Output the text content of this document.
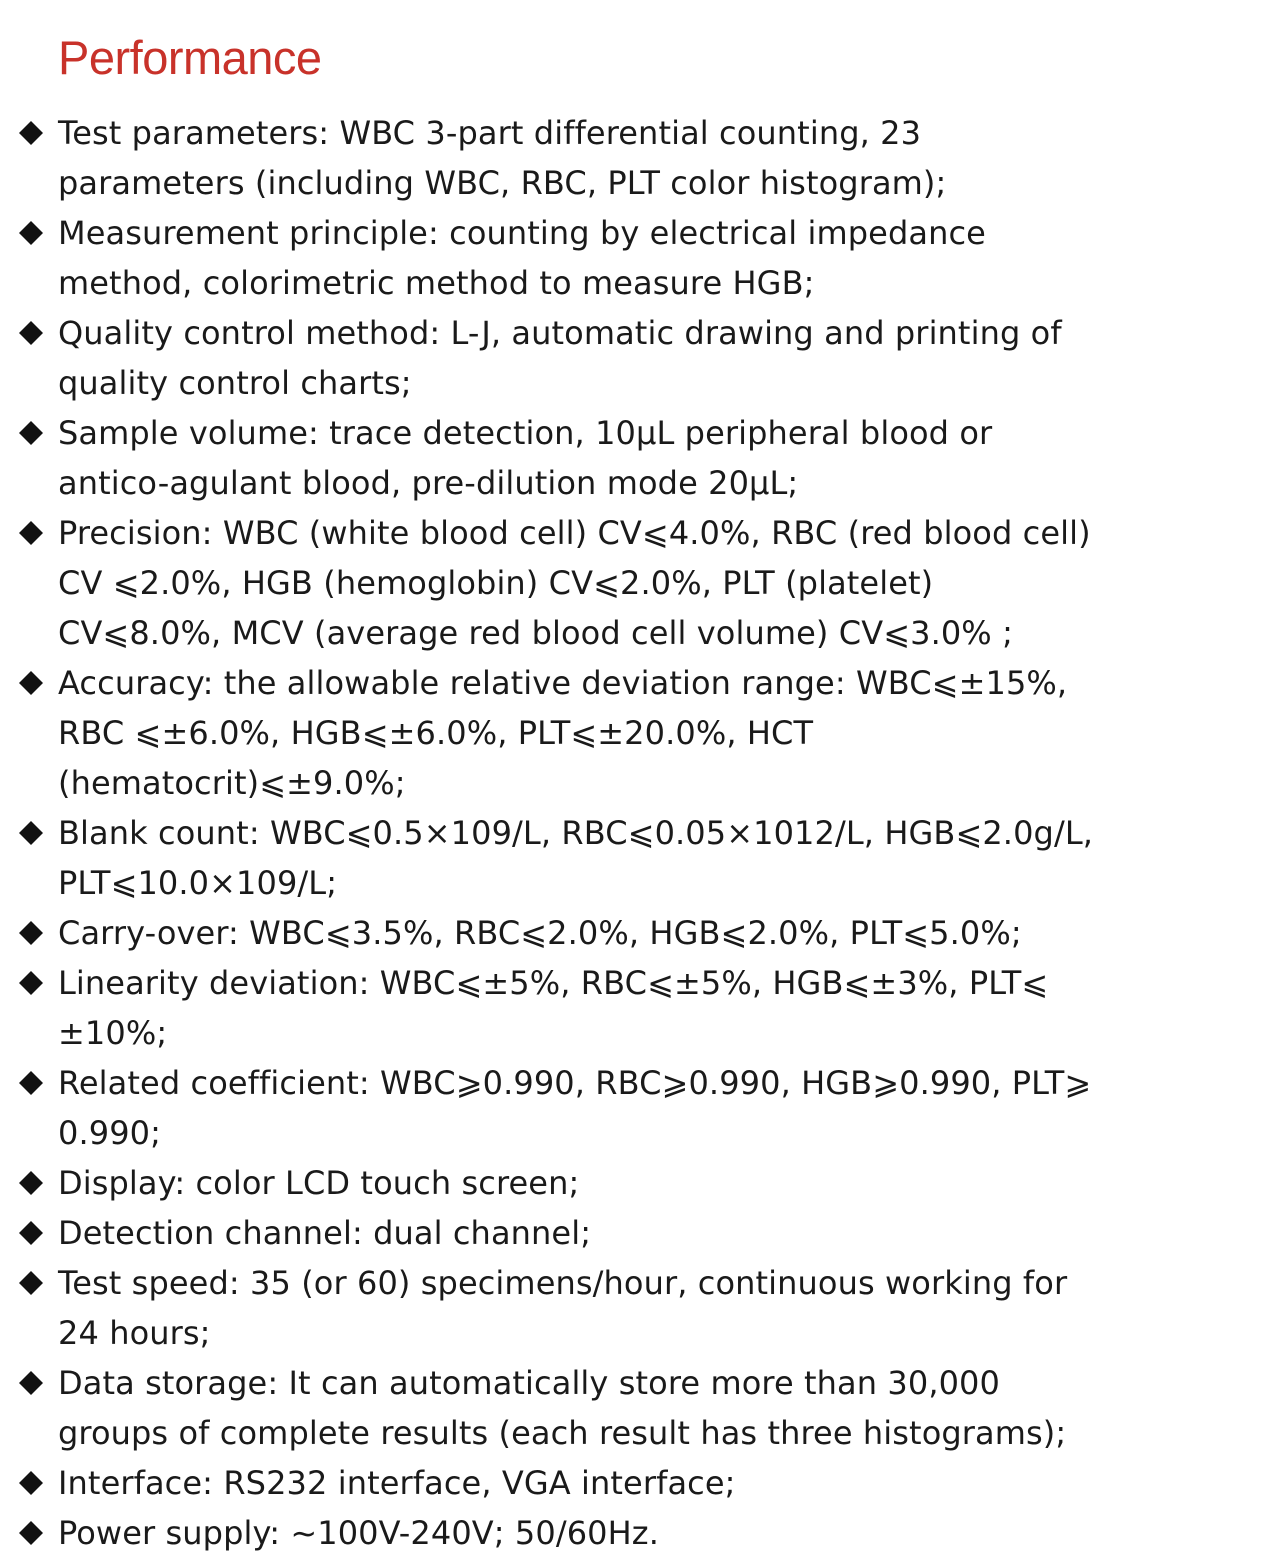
Performance
Test parameters: WBC 3-part differential counting, 23 parameters (including WBC, RBC, PLT color histogram);
Measurement principle: counting by electrical impedance method, colorimetric method to measure HGB;
Quality control method: L-J, automatic drawing and printing of quality control charts;
Sample volume: trace detection, 10μL peripheral blood or antico-agulant blood, pre-dilution mode 20μL;
Precision: WBC (white blood cell) CV⩽4.0%, RBC (red blood cell) CV ⩽2.0%, HGB (hemoglobin) CV⩽2.0%, PLT (platelet) CV⩽8.0%, MCV (average red blood cell volume) CV⩽3.0% ;
Accuracy: the allowable relative deviation range: WBC⩽±15%, RBC ⩽±6.0%, HGB⩽±6.0%, PLT⩽±20.0%, HCT (hematocrit)⩽±9.0%;
Blank count: WBC⩽0.5×109/L, RBC⩽0.05×1012/L, HGB⩽2.0g/L, PLT⩽10.0×109/L;
Carry-over: WBC⩽3.5%, RBC⩽2.0%, HGB⩽2.0%, PLT⩽5.0%;
Linearity deviation: WBC⩽±5%, RBC⩽±5%, HGB⩽±3%, PLT⩽ ±10%;
Related coefficient: WBC⩾0.990, RBC⩾0.990, HGB⩾0.990, PLT⩾ 0.990;
Display: color LCD touch screen;
Detection channel: dual channel;
Test speed: 35 (or 60) specimens/hour, continuous working for 24 hours;
Data storage: It can automatically store more than 30,000 groups of complete results (each result has three histograms);
Interface: RS232 interface, VGA interface;
Power supply: ~100V-240V; 50/60Hz.
